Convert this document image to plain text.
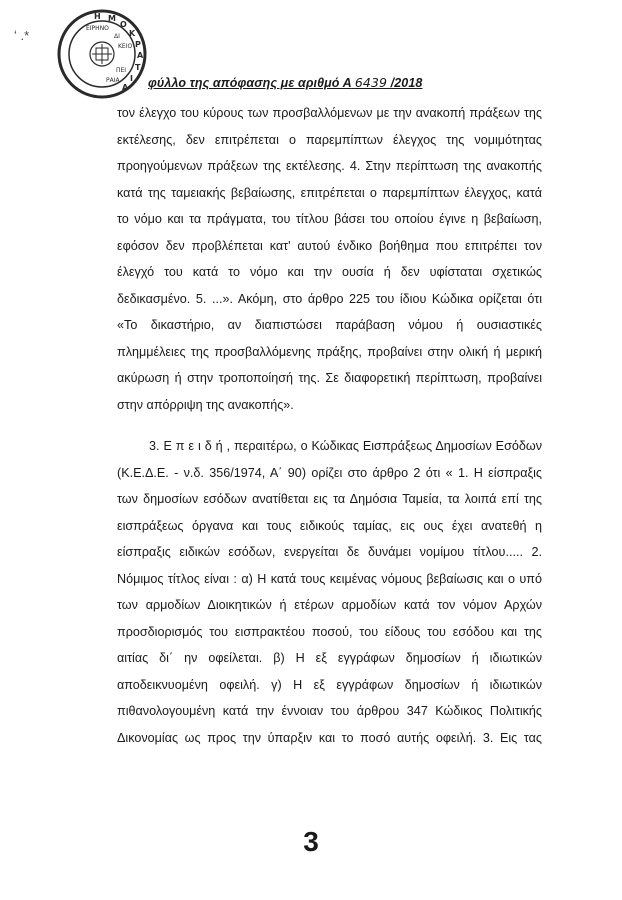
ʻ .*
Η Μ
Ο
Κ
Ρ
Α
Τ
Ι
Α
ΕΙΡΗΝΟ
ΔΙ
ΚΕΙΟ
ΠΕΙ
ΡΑΙΑ φύλλο της απόφασης με αριθμό Α 6439 /2018
τον έλεγχο του κύρους των προσβαλλόμενων με την ανακοπή πράξεων της
εκτέλεσης, δεν επιτρέπεται ο παρεμπίπτων έλεγχος της νομιμότητας
προηγούμενων πράξεων της εκτέλεσης. 4. Στην περίπτωση της ανακοπής
κατά της ταμειακής βεβαίωσης, επιτρέπεται ο παρεμπίπτων έλεγχος, κατά
το νόμο και τα πράγματα, του τίτλου βάσει του οποίου έγινε η βεβαίωση,
εφόσον δεν προβλέπεται κατ' αυτού ένδικο βοήθημα που επιτρέπει τον
έλεγχό του κατά το νόμο και την ουσία ή δεν υφίσταται σχετικώς
δεδικασμένο. 5. ...». Ακόμη, στο άρθρο 225 του ίδιου Κώδικα ορίζεται ότι
«Το δικαστήριο, αν διαπιστώσει παράβαση νόμου ή ουσιαστικές
πλημμέλειες της προσβαλλόμενης πράξης, προβαίνει στην ολική ή μερική
ακύρωση ή στην τροποποίησή της. Σε διαφορετική περίπτωση, προβαίνει
στην απόρριψη της ανακοπής».
3. Ε π ε ι δ ή , περαιτέρω, ο Κώδικας Εισπράξεως Δημοσίων Εσόδων
(Κ.Ε.Δ.Ε. - ν.δ. 356/1974, Α΄ 90) ορίζει στο άρθρο 2 ότι « 1. Η είσπραξις
των δημοσίων εσόδων ανατίθεται εις τα Δημόσια Ταμεία, τα λοιπά επί της
εισπράξεως όργανα και τους ειδικούς ταμίας, εις ους έχει ανατεθή η
είσπραξις ειδικών εσόδων, ενεργείται δε δυνάμει νομίμου τίτλου..... 2.
Νόμιμος τίτλος είναι : α) Η κατά τους κειμένας νόμους βεβαίωσις και ο υπό
των αρμοδίων Διοικητικών ή ετέρων αρμοδίων κατά τον νόμον Αρχών
προσδιορισμός του εισπρακτέου ποσού, του είδους του εσόδου και της
αιτίας δι΄ ην οφείλεται. β) Η εξ εγγράφων δημοσίων ή ιδιωτικών
αποδεικνυομένη οφειλή. γ) Η εξ εγγράφων δημοσίων ή ιδιωτικών
πιθανολογουμένη κατά την έννοιαν του άρθρου 347 Κώδικος Πολιτικής
Δικονομίας ως προς την ύπαρξιν και το ποσό αυτής οφειλή. 3. Εις τας
3
